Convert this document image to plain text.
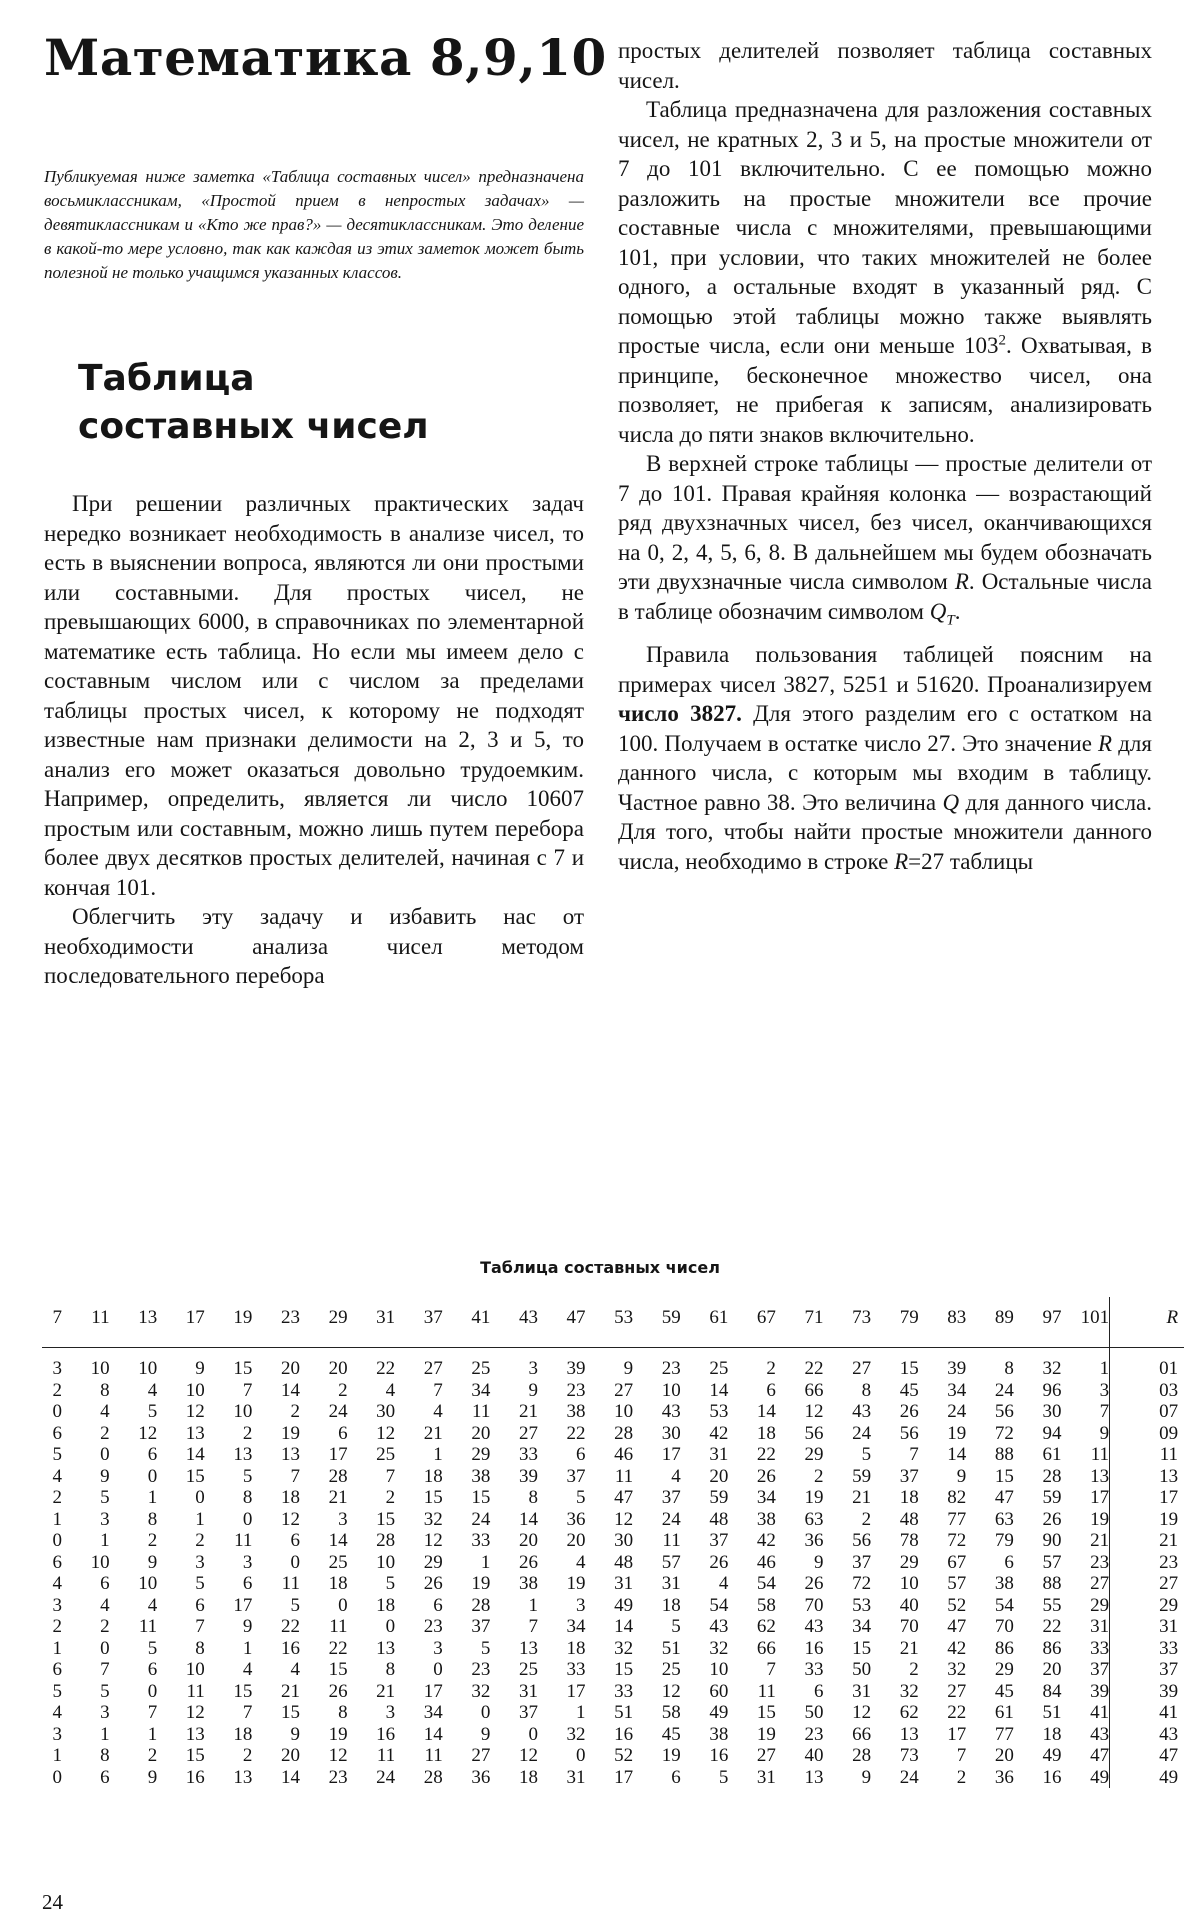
Математика 8,9,10

Публикуемая ниже заметка «Таблица составных чисел» предназначена восьмиклассникам, «Простой прием в непростых задачах» — девятиклассникам и «Кто же прав?» — десятиклассникам. Это деление в какой-то мере условно, так как каждая из этих заметок может быть полезной не только учащимся указанных классов.

Таблица
составных чисел

При решении различных практических задач нередко возникает необходимость в анализе чисел, то есть в выяснении вопроса, являются ли они простыми или составными. Для простых чисел, не превышающих 6000, в справочниках по элементарной математике есть таблица. Но если мы имеем дело с составным числом или с числом за пределами таблицы простых чисел, к которому не подходят известные нам признаки делимости на 2, 3 и 5, то анализ его может оказаться довольно трудоемким. Например, определить, является ли число 10607 простым или составным, можно лишь путем перебора более двух десятков простых делителей, начиная с 7 и кончая 101.

Облегчить эту задачу и избавить нас от необходимости анализа чисел методом последовательного перебора

простых делителей позволяет таблица составных чисел.

Таблица предназначена для разложения составных чисел, не кратных 2, 3 и 5, на простые множители от 7 до 101 включительно. С ее помощью можно разложить на простые множители все прочие составные числа с множителями, превышающими 101, при условии, что таких множителей не более одного, а остальные входят в указанный ряд. С помощью этой таблицы можно также выявлять простые числа, если они меньше $103^2$. Охватывая, в принципе, бесконечное множество чисел, она позволяет, не прибегая к записям, анализировать числа до пяти знаков включительно.

В верхней строке таблицы — простые делители от 7 до 101. Правая крайняя колонка — возрастающий ряд двухзначных чисел, без чисел, оканчивающихся на 0, 2, 4, 5, 6, 8. В дальнейшем мы будем обозначать эти двухзначные числа символом R. Остальные числа в таблице обозначим символом $Q_T$.

Правила пользования таблицей поясним на примерах чисел 3827, 5251 и 51620. Проанализируем число 3827. Для этого разделим его с остатком на 100. Получаем в остатке число 27. Это значение R для данного числа, с которым мы входим в таблицу. Частное равно 38. Это величина Q для данного числа. Для того, чтобы найти простые множители данного числа, необходимо в строке R=27 таблицы

Таблица составных чисел
7	11	13	17	19	23	29	31	37	41	43	47	53	59	61	67	71	73	79	83	89	97	101		R
3	10	10	9	15	20	20	22	27	25	3	39	9	23	25	2	22	27	15	39	8	32	1		01
2	8	4	10	7	14	2	4	7	34	9	23	27	10	14	6	66	8	45	34	24	96	3		03
0	4	5	12	10	2	24	30	4	11	21	38	10	43	53	14	12	43	26	24	56	30	7		07
6	2	12	13	2	19	6	12	21	20	27	22	28	30	42	18	56	24	56	19	72	94	9		09
5	0	6	14	13	13	17	25	1	29	33	6	46	17	31	22	29	5	7	14	88	61	11		11
4	9	0	15	5	7	28	7	18	38	39	37	11	4	20	26	2	59	37	9	15	28	13		13
2	5	1	0	8	18	21	2	15	15	8	5	47	37	59	34	19	21	18	82	47	59	17		17
1	3	8	1	0	12	3	15	32	24	14	36	12	24	48	38	63	2	48	77	63	26	19		19
0	1	2	2	11	6	14	28	12	33	20	20	30	11	37	42	36	56	78	72	79	90	21		21
6	10	9	3	3	0	25	10	29	1	26	4	48	57	26	46	9	37	29	67	6	57	23		23
4	6	10	5	6	11	18	5	26	19	38	19	31	31	4	54	26	72	10	57	38	88	27		27
3	4	4	6	17	5	0	18	6	28	1	3	49	18	54	58	70	53	40	52	54	55	29		29
2	2	11	7	9	22	11	0	23	37	7	34	14	5	43	62	43	34	70	47	70	22	31		31
1	0	5	8	1	16	22	13	3	5	13	18	32	51	32	66	16	15	21	42	86	86	33		33
6	7	6	10	4	4	15	8	0	23	25	33	15	25	10	7	33	50	2	32	29	20	37		37
5	5	0	11	15	21	26	21	17	32	31	17	33	12	60	11	6	31	32	27	45	84	39		39
4	3	7	12	7	15	8	3	34	0	37	1	51	58	49	15	50	12	62	22	61	51	41		41
3	1	1	13	18	9	19	16	14	9	0	32	16	45	38	19	23	66	13	17	77	18	43		43
1	8	2	15	2	20	12	11	11	27	12	0	52	19	16	27	40	28	73	7	20	49	47		47
0	6	9	16	13	14	23	24	28	36	18	31	17	6	5	31	13	9	24	2	36	16	49		49
24
